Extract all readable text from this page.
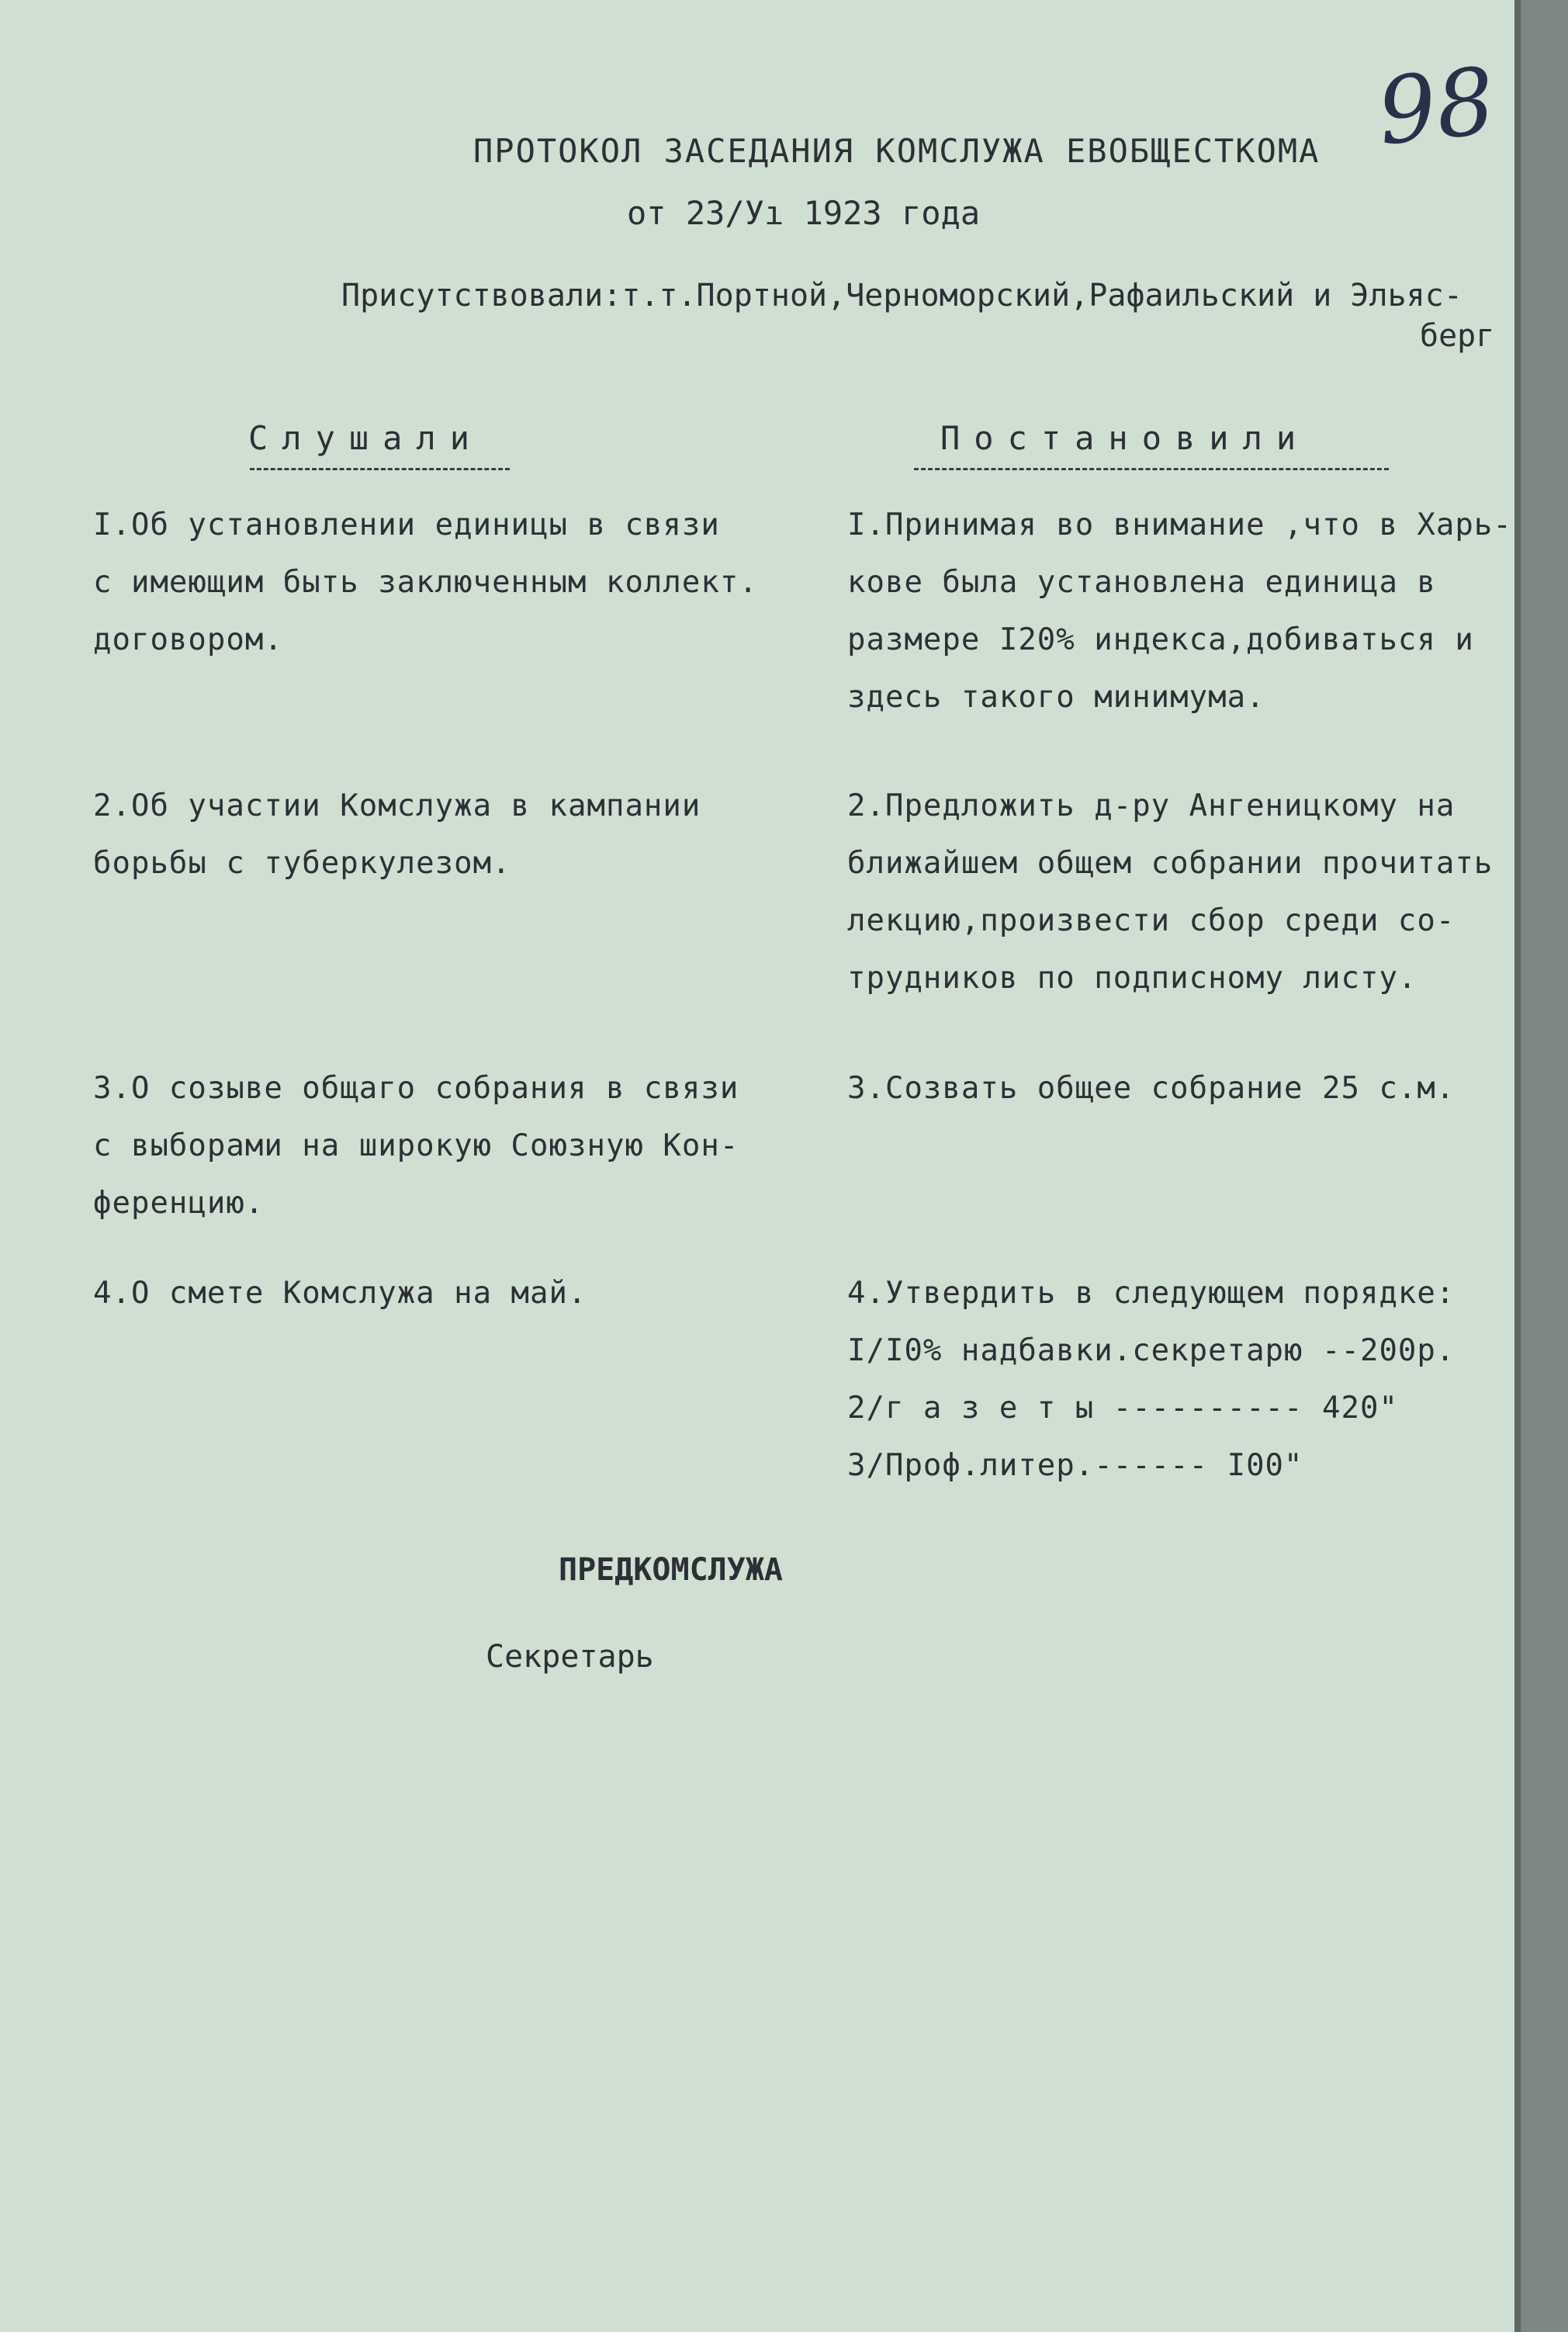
98
ПРОТОКОЛ ЗАСЕДАНИЯ КОМСЛУЖА ЕВОБЩЕСТКОМА
от 23/Уı 1923 года
Присутствовали:т.т.Портной,Черноморский,Рафаильский и Эльяс-
берг
Слушали	Постановили
I.Об установлении единицы в связи
с имеющим быть заключенным коллект.
договором.
I.Принимая во внимание ,что в Харь-
кове была установлена единица в
размере I20% индекса,добиваться и
здесь такого минимума.
2.Об участии Комслужа в кампании
борьбы с туберкулезом.
2.Предложить д-ру Ангеницкому на
ближайшем общем собрании прочитать
лекцию,произвести сбор среди со-
трудников по подписному листу.
3.О созыве общаго собрания в связи
с выборами на широкую Союзную Кон-
ференцию.
3.Созвать общее собрание 25 с.м.
4.О смете Комслужа на май.	4.Утвердить в следующем порядке:
I/I0% надбавки.секретарю --200р.
2/г а з е т ы ---------- 420"
3/Проф.литер.------ I00"
ПРЕДКОМСЛУЖА
Секретарь
